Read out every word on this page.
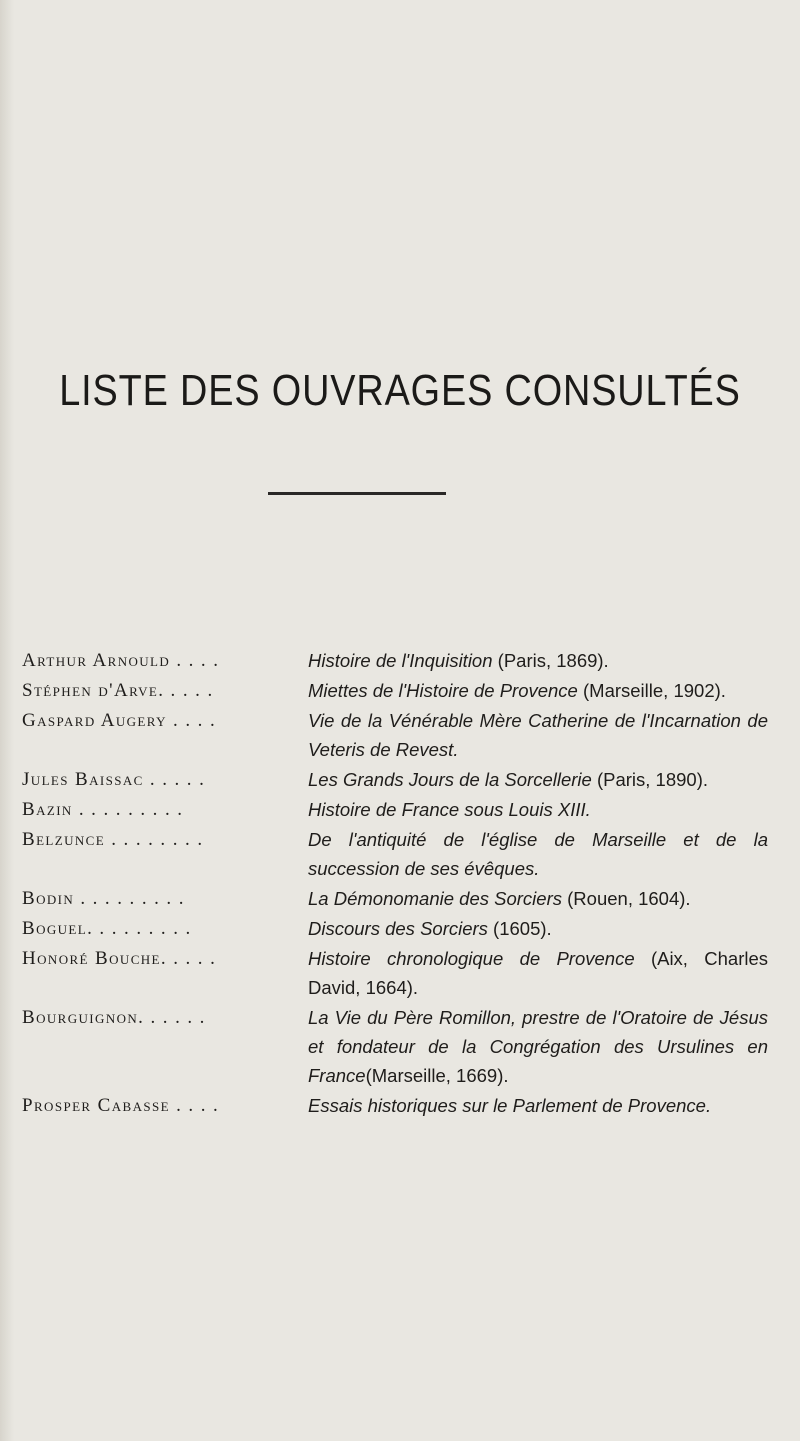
LISTE DES OUVRAGES CONSULTÉS
Arthur Arnould . . . .	Histoire de l'Inquisition (Paris, 1869).
Stéphen d'Arve. . . . .	Miettes de l'Histoire de Provence (Marseille, 1902).
Gaspard Augery . . . .	Vie de la Vénérable Mère Catherine de l'Incarnation de Veteris de Revest.
Jules Baissac . . . . .	Les Grands Jours de la Sorcellerie (Paris, 1890).
Bazin . . . . . . . . .	Histoire de France sous Louis XIII.
Belzunce . . . . . . . .	De l'antiquité de l'église de Marseille et de la succession de ses évêques.
Bodin . . . . . . . . .	La Démonomanie des Sorciers (Rouen, 1604).
Boguel. . . . . . . . .	Discours des Sorciers (1605).
Honoré Bouche. . . . .	Histoire chronologique de Provence (Aix, Charles David, 1664).
Bourguignon. . . . . .	La Vie du Père Romillon, prestre de l'Oratoire de Jésus et fondateur de la Congrégation des Ursulines en France(Marseille, 1669).
Prosper Cabasse . . . .	Essais historiques sur le Parlement de Provence.
